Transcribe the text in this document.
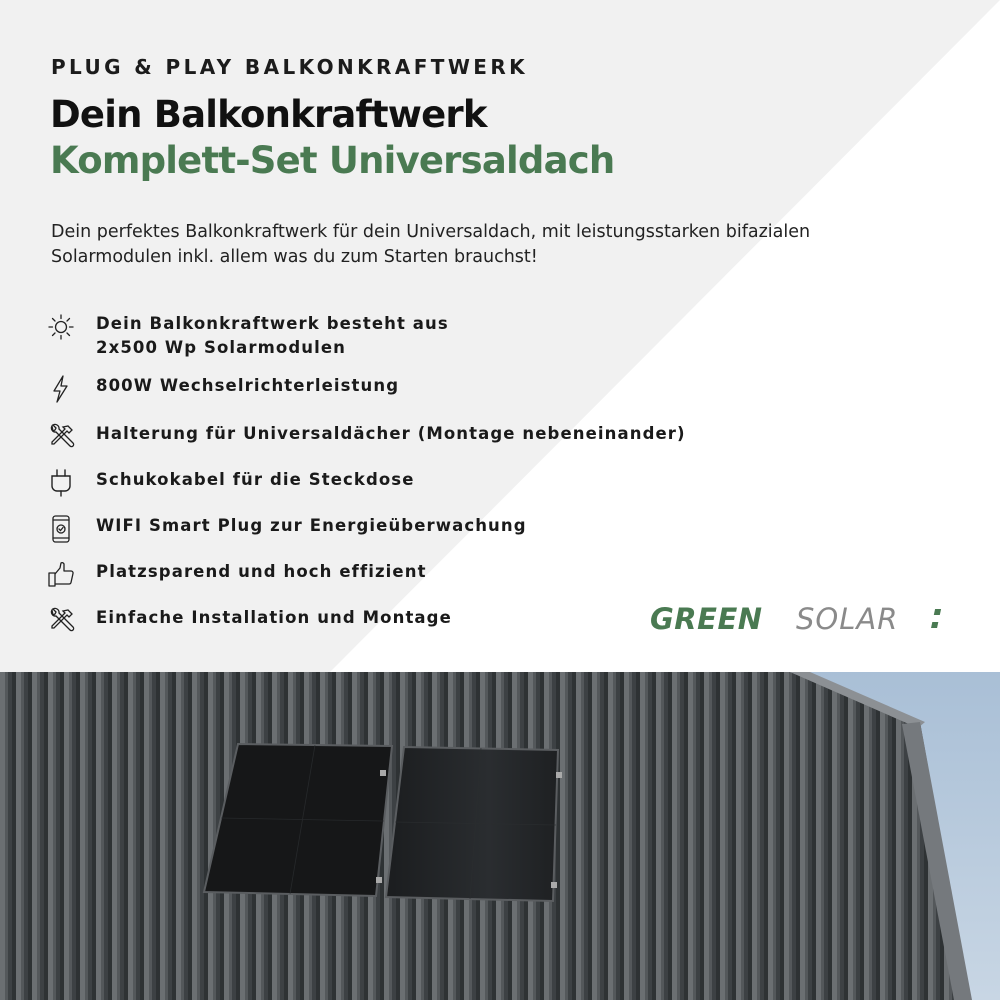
PLUG & PLAY BALKONKRAFTWERK

Dein Balkonkraftwerk
Komplett-Set Universaldach

Dein perfektes Balkonkraftwerk für dein Universaldach, mit leistungsstarken bifazialen Solarmodulen inkl. allem was du zum Starten brauchst!

Dein Balkonkraftwerk besteht aus
2x500 Wp Solarmodulen
800W Wechselrichterleistung
Halterung für Universaldächer (Montage nebeneinander)
Schukokabel für die Steckdose
WIFI Smart Plug zur Energieüberwachung
Platzsparend und hoch effizient
Einfache Installation und Montage	GREEN SOLAR
